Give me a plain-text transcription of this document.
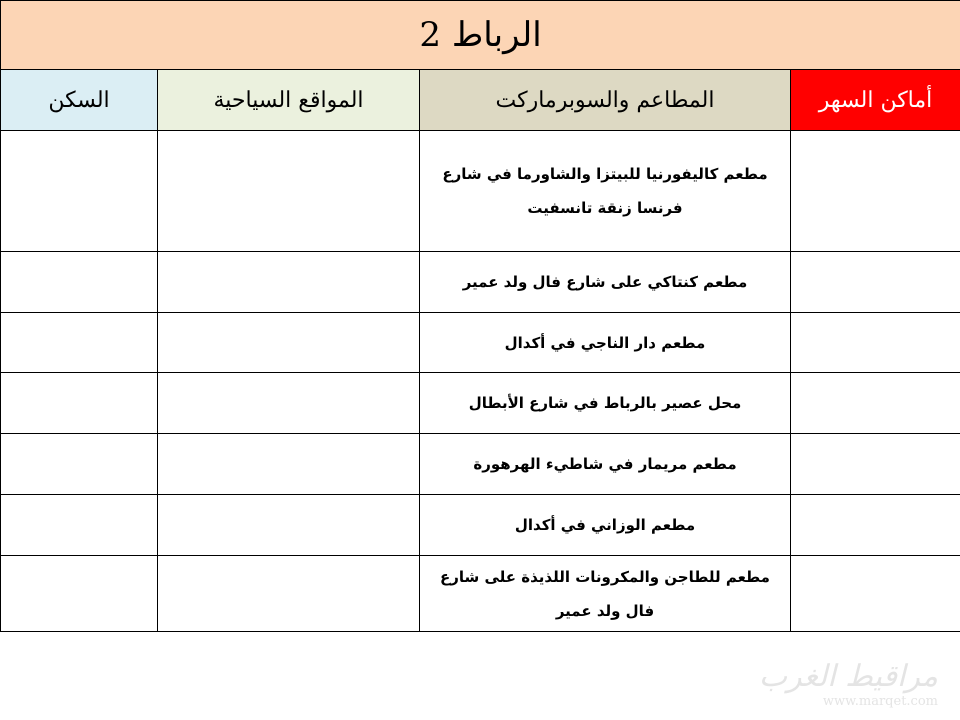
الرباط 2			
السكن	المواقع السياحية	المطاعم والسوبرماركت	أماكن السهر
		مطعم كاليفورنيا للبيتزا والشاورما في شارع فرنسا زنقة تانسفيت	
		مطعم كنتاكي على شارع فال ولد عمير	
		مطعم دار الناجي في أكدال	
		محل عصير بالرباط في شارع الأبطال	
		مطعم مريمار في شاطيء الهرهورة	
		مطعم الوزاني في أكدال	
		مطعم للطاجن والمكرونات اللذيذة على شارع فال ولد عمير	
مراقيط الغرب
www.marqet.com
